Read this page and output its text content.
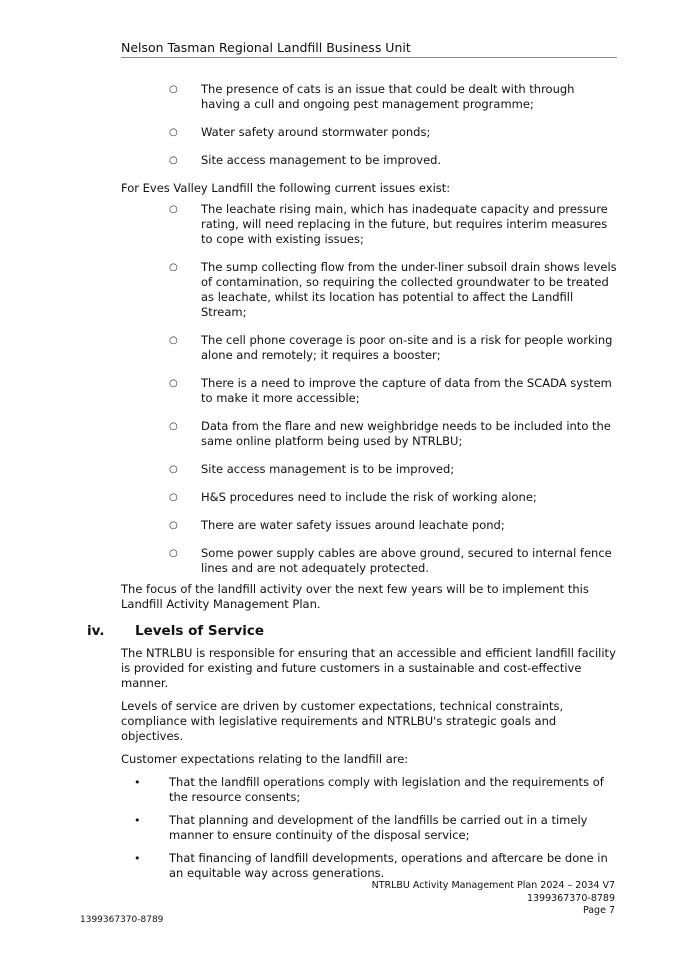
Nelson Tasman Regional Landfill Business Unit
○ The presence of cats is an issue that could be dealt with through having a cull and ongoing pest management programme;
○ Water safety around stormwater ponds;
○ Site access management to be improved.

For Eves Valley Landfill the following current issues exist:

○ The leachate rising main, which has inadequate capacity and pressure rating, will need replacing in the future, but requires interim measures to cope with existing issues;
○ The sump collecting flow from the under-liner subsoil drain shows levels of contamination, so requiring the collected groundwater to be treated as leachate, whilst its location has potential to affect the Landfill Stream;
○ The cell phone coverage is poor on-site and is a risk for people working alone and remotely; it requires a booster;
○ There is a need to improve the capture of data from the SCADA system to make it more accessible;
○ Data from the flare and new weighbridge needs to be included into the same online platform being used by NTRLBU;
○ Site access management is to be improved;
○ H&S procedures need to include the risk of working alone;
○ There are water safety issues around leachate pond;
○ Some power supply cables are above ground, secured to internal fence lines and are not adequately protected.

The focus of the landfill activity over the next few years will be to implement this Landfill Activity Management Plan.

iv. Levels of Service

The NTRLBU is responsible for ensuring that an accessible and efficient landfill facility is provided for existing and future customers in a sustainable and cost-effective manner.

Levels of service are driven by customer expectations, technical constraints, compliance with legislative requirements and NTRLBU's strategic goals and objectives.

Customer expectations relating to the landfill are:

• That the landfill operations comply with legislation and the requirements of the resource consents;
• That planning and development of the landfills be carried out in a timely manner to ensure continuity of the disposal service;
• That financing of landfill developments, operations and aftercare be done in an equitable way across generations.
NTRLBU Activity Management Plan 2024 – 2034 V7
1399367370-8789
Page 7
1399367370-8789
